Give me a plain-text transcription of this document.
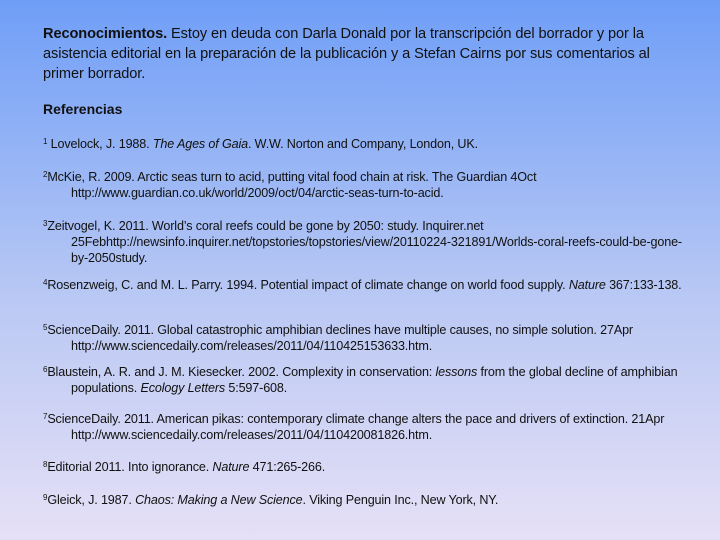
Reconocimientos. Estoy en deuda con Darla Donald por la transcripción del borrador y por la asistencia editorial en la preparación de la publicación y a Stefan Cairns por sus comentarios al primer borrador.
Referencias
$^1$ Lovelock, J. 1988. The Ages of Gaia. W.W. Norton and Company, London, UK.
$^2$McKie, R. 2009. Arctic seas turn to acid, putting vital food chain at risk. The Guardian 4Oct http://www.guardian.co.uk/world/2009/oct/04/arctic-seas-turn-to-acid.
$^3$Zeitvogel, K. 2011. World’s coral reefs could be gone by 2050: study. Inquirer.net 25Febhttp://newsinfo.inquirer.net/topstories/topstories/view/20110224-321891/Worlds-coral-reefs-could-be-gone-by-2050study.
$^4$Rosenzweig, C. and M. L. Parry. 1994. Potential impact of climate change on world food supply. Nature 367:133-138.
$^5$ScienceDaily. 2011. Global catastrophic amphibian declines have multiple causes, no simple solution. 27Apr http://www.sciencedaily.com/releases/2011/04/110425153633.htm.
$^6$Blaustein, A. R. and J. M. Kiesecker. 2002. Complexity in conservation: lessons from the global decline of amphibian populations. Ecology Letters 5:597-608.
$^7$ScienceDaily. 2011. American pikas: contemporary climate change alters the pace and drivers of extinction. 21Apr http://www.sciencedaily.com/releases/2011/04/110420081826.htm.
$^8$Editorial 2011. Into ignorance. Nature 471:265-266.
$^9$Gleick, J. 1987. Chaos: Making a New Science. Viking Penguin Inc., New York, NY.
